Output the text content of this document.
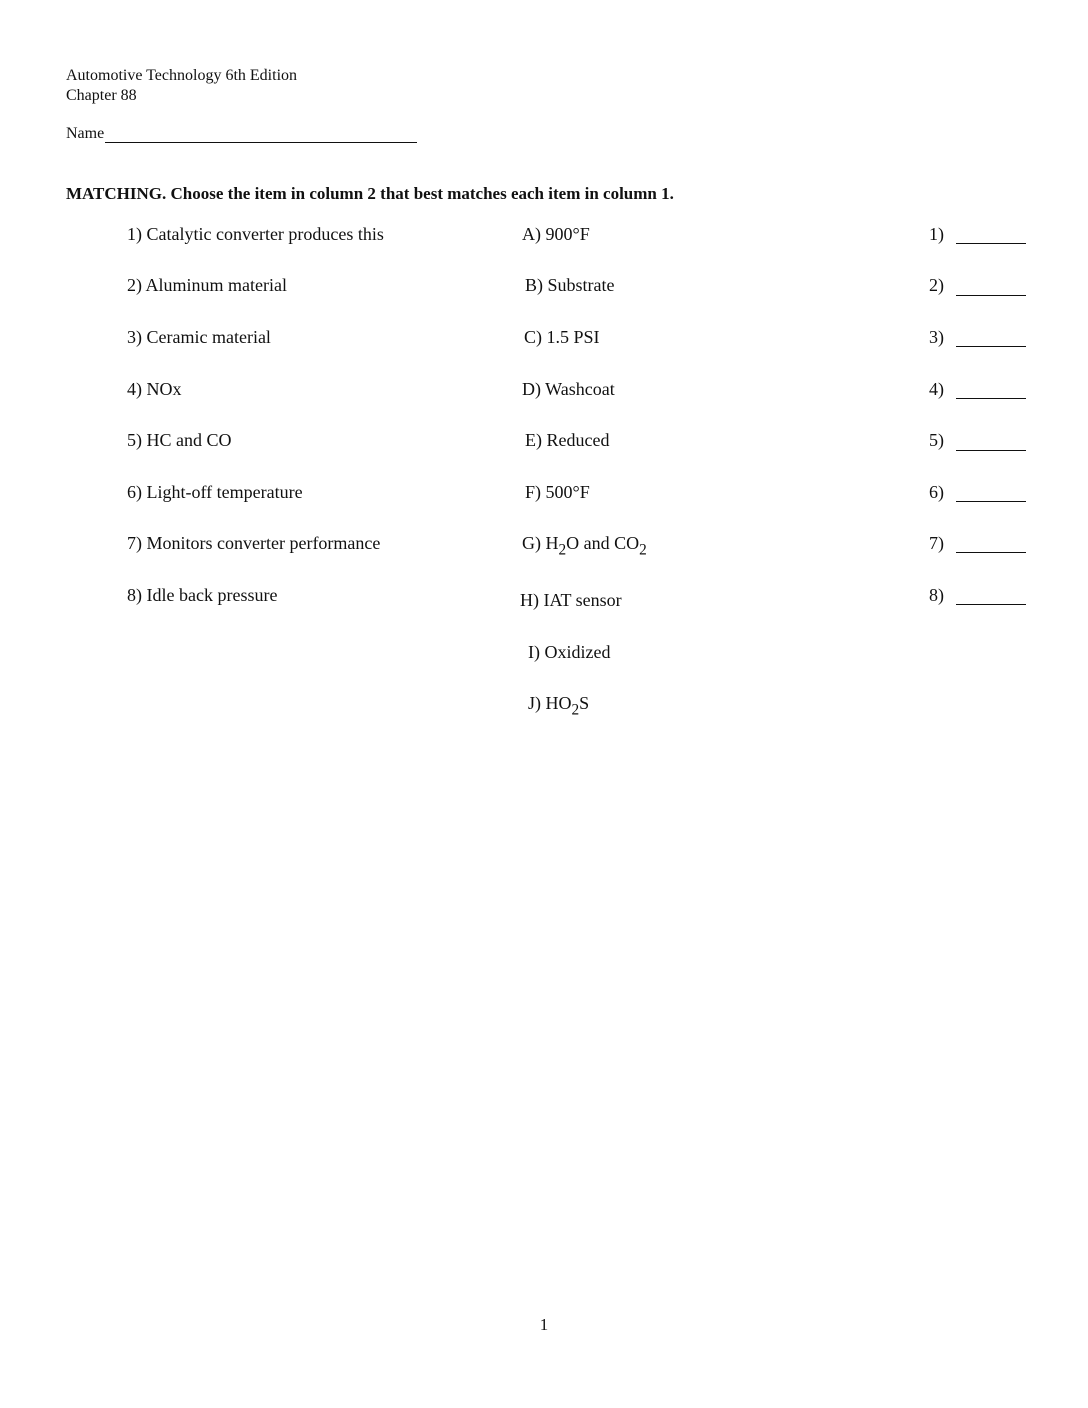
Automotive Technology 6th Edition
Chapter 88
Name
MATCHING. Choose the item in column 2 that best matches each item in column 1.
1) Catalytic converter produces this
2) Aluminum material
3) Ceramic material
4) NOx
5) HC and CO
6) Light-off temperature
7) Monitors converter performance
8) Idle back pressure
A) 900°F
B) Substrate
C) 1.5 PSI
D) Washcoat
E) Reduced
F) 500°F
G) $H_2O$ and $CO_2$
H) IAT sensor
I) Oxidized
J) $HO_2S$
1)
2)
3)
4)
5)
6)
7)
8)
1
